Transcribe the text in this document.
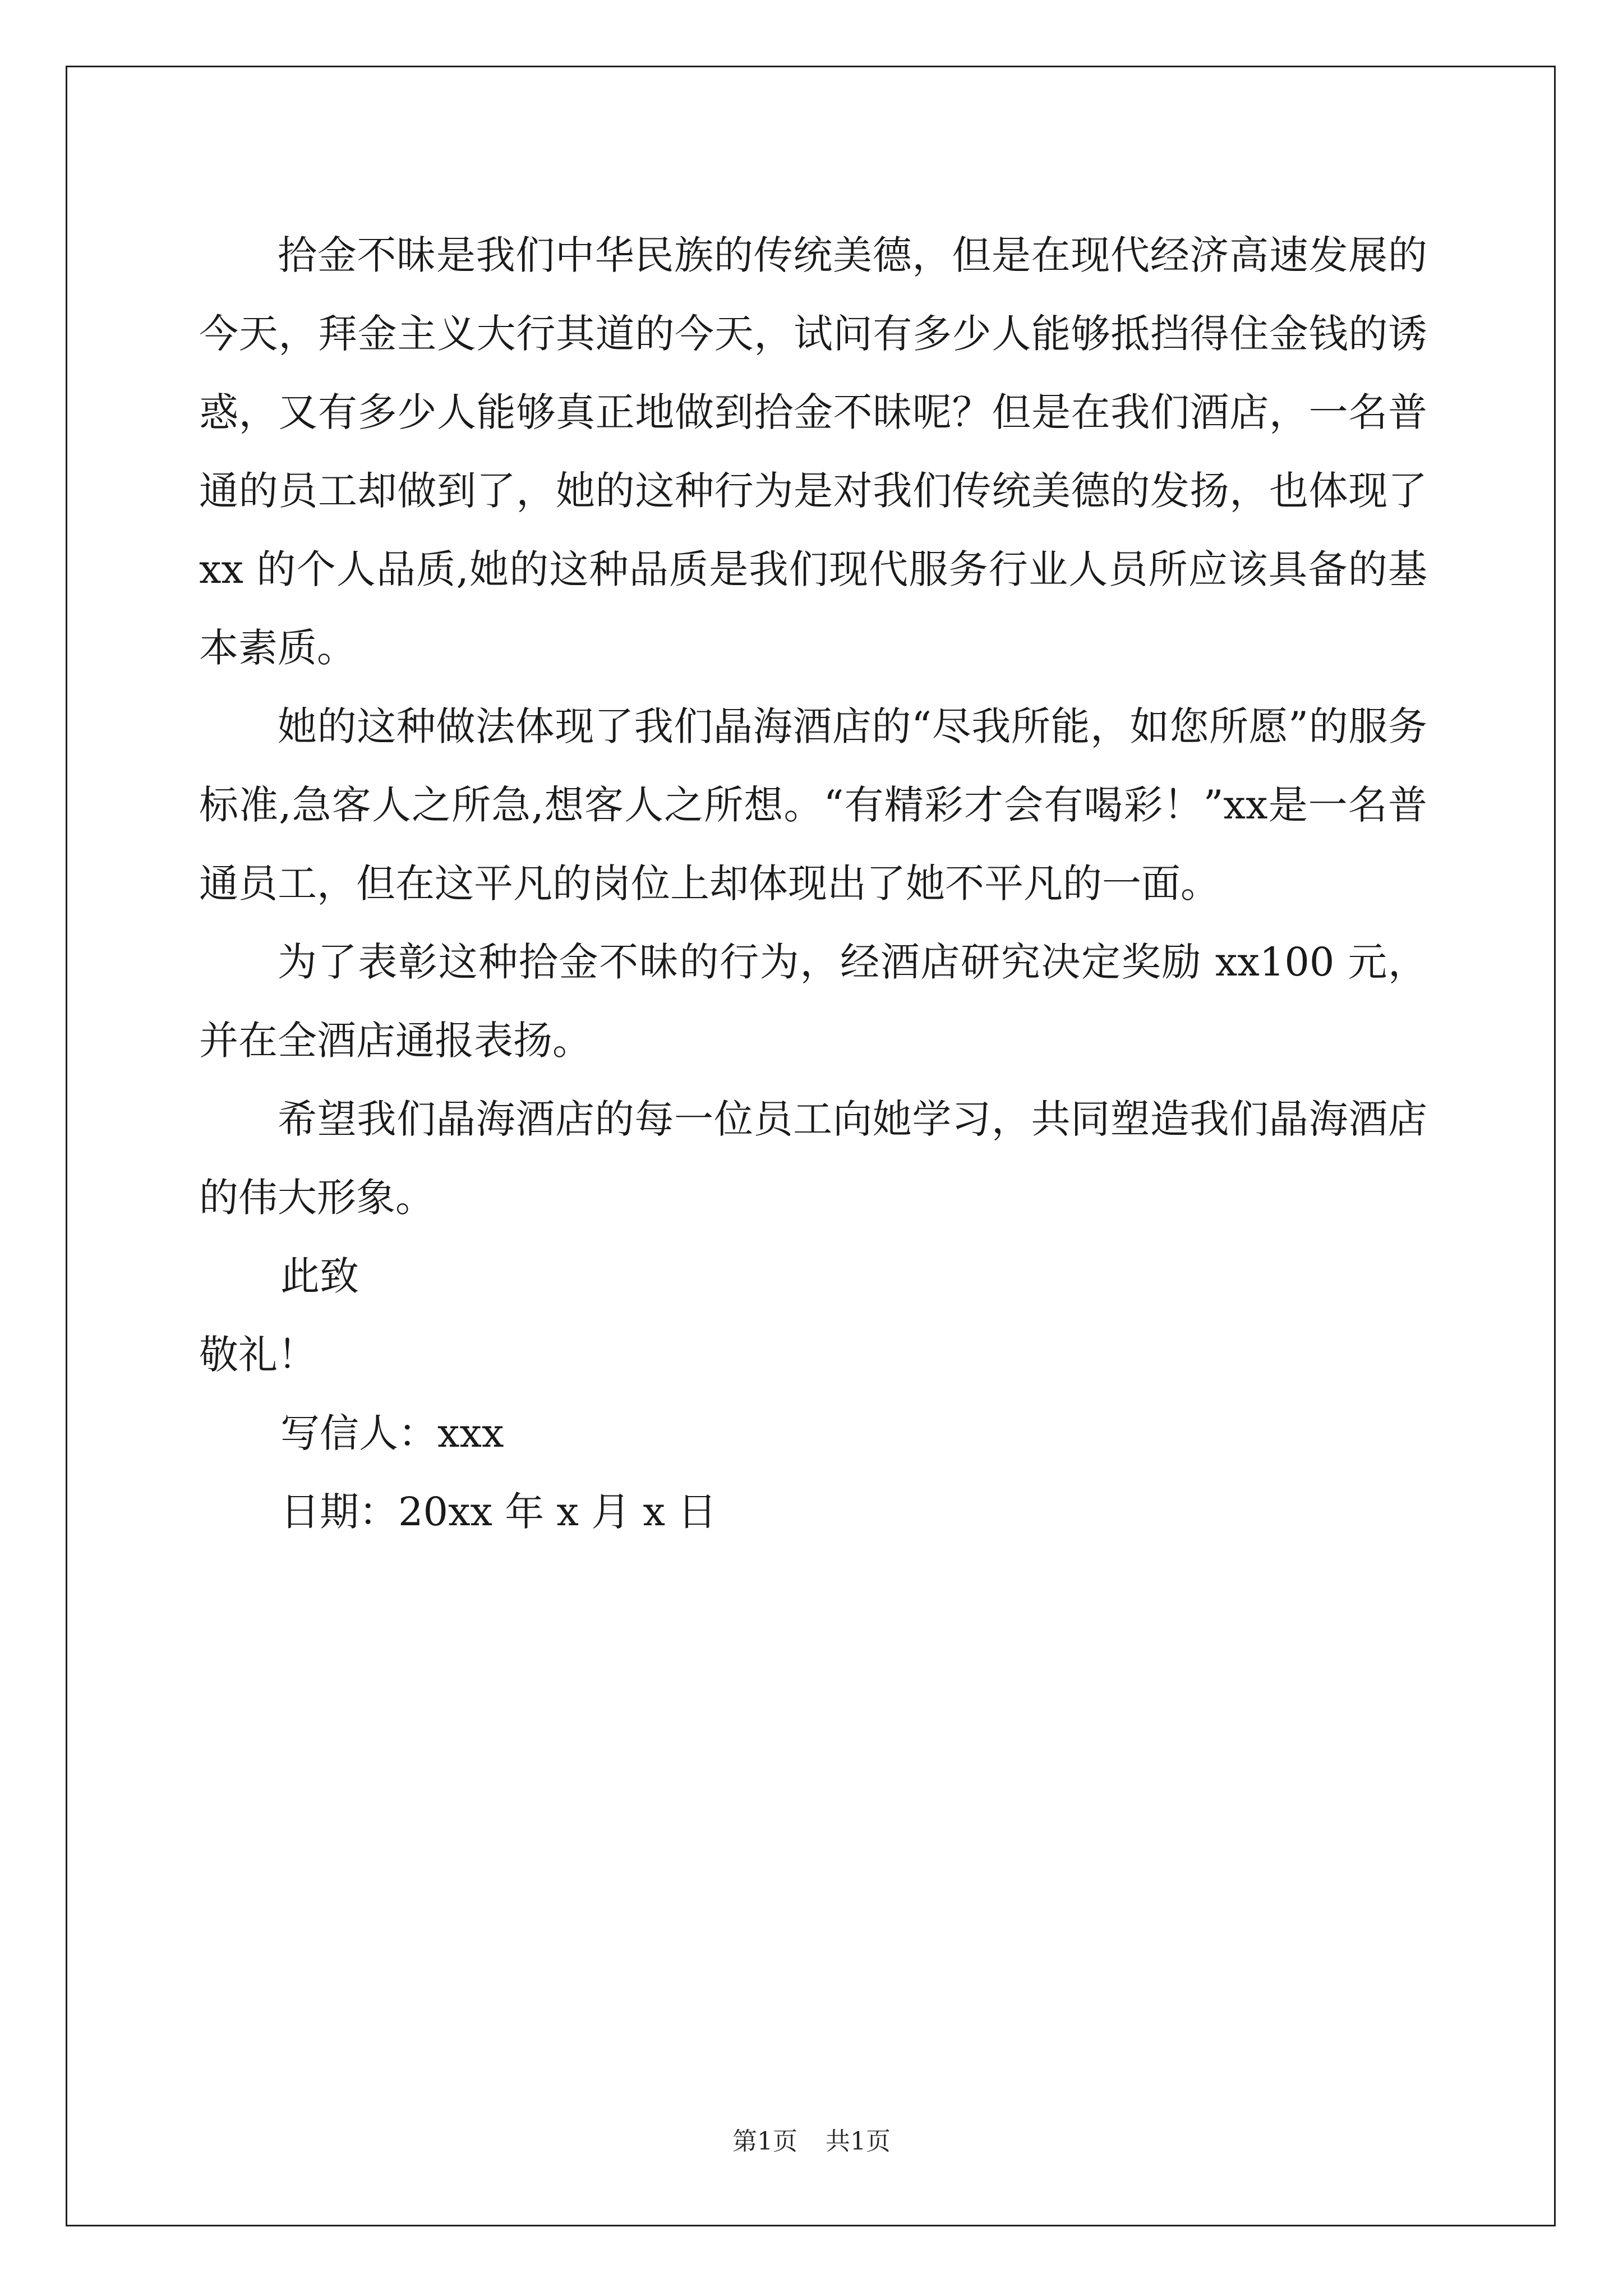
拾金不昧是我们中华民族的传统美德，但是在现代经济高速发展的今天，拜金主义大行其道的今天，试问有多少人能够抵挡得住金钱的诱惑，又有多少人能够真正地做到拾金不昧呢？但是在我们酒店，一名普通的员工却做到了，她的这种行为是对我们传统美德的发扬，也体现了 xx 的个人品质,她的这种品质是我们现代服务行业人员所应该具备的基本素质。

她的这种做法体现了我们晶海酒店的“尽我所能，如您所愿”的服务标准,急客人之所急,想客人之所想。“有精彩才会有喝彩！”xx是一名普通员工，但在这平凡的岗位上却体现出了她不平凡的一面。

为了表彰这种拾金不昧的行为，经酒店研究决定奖励 xx100 元，并在全酒店通报表扬。

希望我们晶海酒店的每一位员工向她学习，共同塑造我们晶海酒店的伟大形象。

此致

敬礼！

写信人：xxx

日期：20xx 年 x 月 x 日

第1页 共1页
